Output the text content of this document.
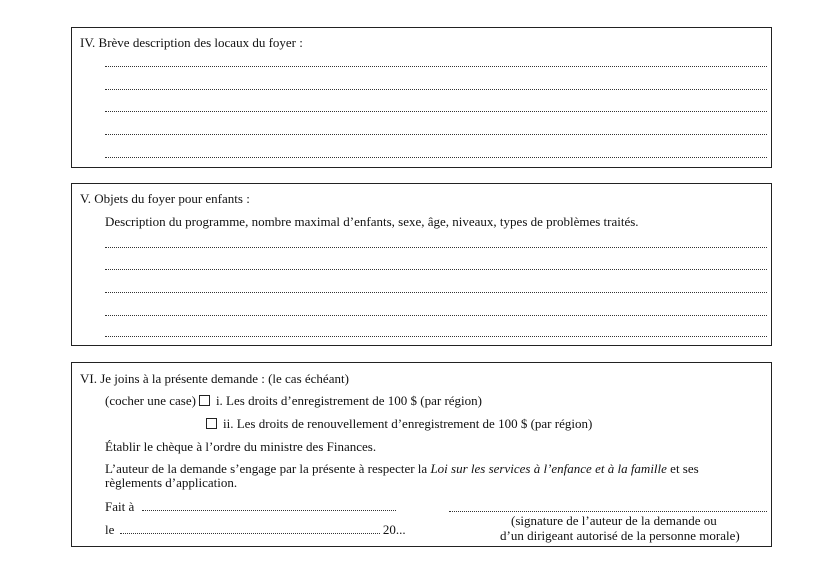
IV. Brève description des locaux du foyer :
V. Objets du foyer pour enfants :
Description du programme, nombre maximal d’enfants, sexe, âge, niveaux, types de problèmes traités.
VI. Je joins à la présente demande : (le cas échéant)
(cocher une case) i. Les droits d’enregistrement de 100 $ (par région)
ii. Les droits de renouvellement d’enregistrement de 100 $ (par région)
Établir le chèque à l’ordre du ministre des Finances.
L’auteur de la demande s’engage par la présente à respecter la Loi sur les services à l’enfance et à la famille et ses
règlements d’application.
Fait à
le	20...
(signature de l’auteur de la demande ou
d’un dirigeant autorisé de la personne morale)
